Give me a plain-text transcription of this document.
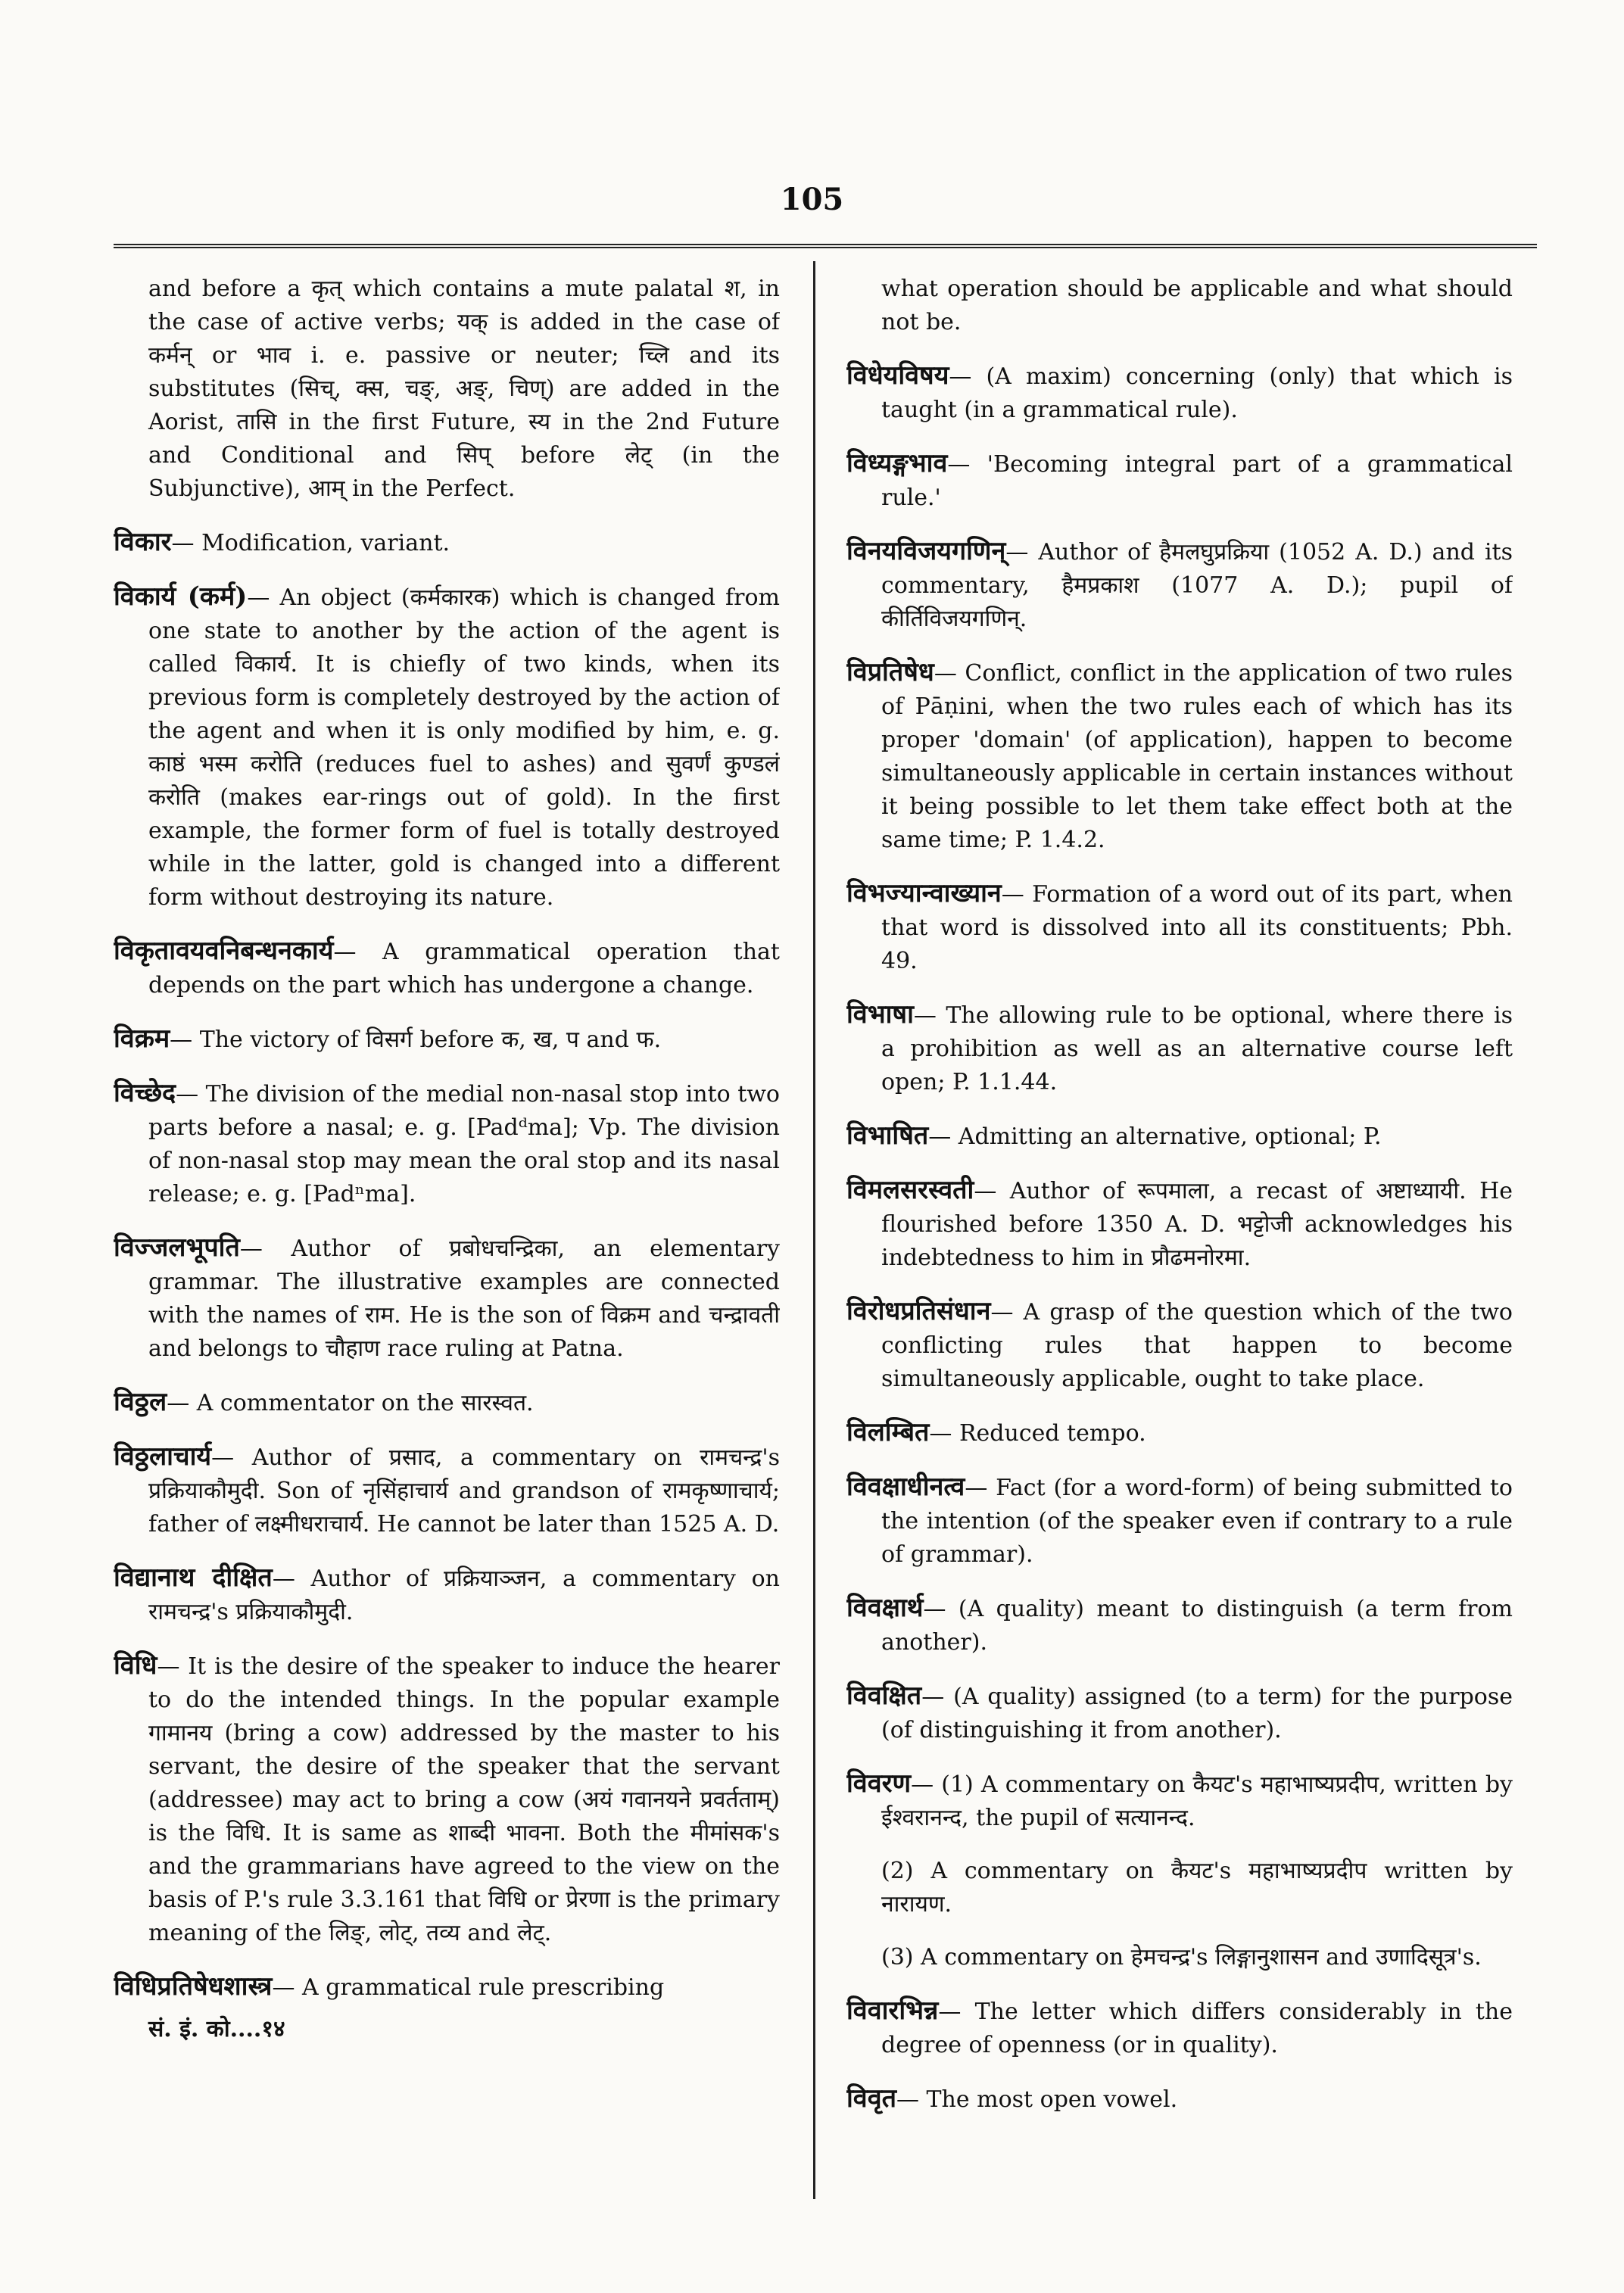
105

and before a कृत् which contains a mute palatal श, in the case of active verbs; यक् is added in the case of कर्मन् or भाव i. e. passive or neuter; च्लि and its substitutes (सिच्, क्स, चङ्, अङ्, चिण्) are added in the Aorist, तासि in the first Future, स्य in the 2nd Future and Conditional and सिप् before लेट् (in the Subjunctive), आम् in the Perfect.

विकार— Modification, variant.

विकार्य (कर्म)— An object (कर्मकारक) which is changed from one state to another by the action of the agent is called विकार्य. It is chiefly of two kinds, when its previous form is completely destroyed by the action of the agent and when it is only modified by him, e. g. काष्ठं भस्म करोति (reduces fuel to ashes) and सुवर्णं कुण्डलं करोति (makes ear-rings out of gold). In the first example, the former form of fuel is totally destroyed while in the latter, gold is changed into a different form without destroying its nature.

विकृतावयवनिबन्धनकार्य— A grammatical operation that depends on the part which has undergone a change.

विक्रम— The victory of विसर्ग before क, ख, प and फ.

विच्छेद— The division of the medial non-nasal stop into two parts before a nasal; e. g. [Padᵈma]; Vp. The division of non-nasal stop may mean the oral stop and its nasal release; e. g. [Padⁿma].

विज्जलभूपति— Author of प्रबोधचन्द्रिका, an elementary grammar. The illustrative examples are connected with the names of राम. He is the son of विक्रम and चन्द्रावती and belongs to चौहाण race ruling at Patna.

विठ्ठल— A commentator on the सारस्वत.

विठ्ठलाचार्य— Author of प्रसाद, a commentary on रामचन्द्र's प्रक्रियाकौमुदी. Son of नृसिंहाचार्य and grandson of रामकृष्णाचार्य; father of लक्ष्मीधराचार्य. He cannot be later than 1525 A. D.

विद्यानाथ दीक्षित— Author of प्रक्रियाञ्जन, a commentary on रामचन्द्र's प्रक्रियाकौमुदी.

विधि— It is the desire of the speaker to induce the hearer to do the intended things. In the popular example गामानय (bring a cow) addressed by the master to his servant, the desire of the speaker that the servant (addressee) may act to bring a cow (अयं गवानयने प्रवर्तताम्) is the विधि. It is same as शाब्दी भावना. Both the मीमांसक's and the grammarians have agreed to the view on the basis of P.'s rule 3.3.161 that विधि or प्रेरणा is the primary meaning of the लिङ्, लोट्, तव्य and लेट्.

विधिप्रतिषेधशास्त्र— A grammatical rule prescribing

सं. इं. को....१४

what operation should be applicable and what should not be.

विधेयविषय— (A maxim) concerning (only) that which is taught (in a grammatical rule).

विध्यङ्गभाव— 'Becoming integral part of a grammatical rule.'

विनयविजयगणिन्— Author of हैमलघुप्रक्रिया (1052 A. D.) and its commentary, हैमप्रकाश (1077 A. D.); pupil of कीर्तिविजयगणिन्.

विप्रतिषेध— Conflict, conflict in the application of two rules of Pāṇini, when the two rules each of which has its proper 'domain' (of application), happen to become simultaneously applicable in certain instances without it being possible to let them take effect both at the same time; P. 1.4.2.

विभज्यान्वाख्यान— Formation of a word out of its part, when that word is dissolved into all its constituents; Pbh. 49.

विभाषा— The allowing rule to be optional, where there is a prohibition as well as an alternative course left open; P. 1.1.44.

विभाषित— Admitting an alternative, optional; P.

विमलसरस्वती— Author of रूपमाला, a recast of अष्टाध्यायी. He flourished before 1350 A. D. भट्टोजी acknowledges his indebtedness to him in प्रौढमनोरमा.

विरोधप्रतिसंधान— A grasp of the question which of the two conflicting rules that happen to become simultaneously applicable, ought to take place.

विलम्बित— Reduced tempo.

विवक्षाधीनत्व— Fact (for a word-form) of being submitted to the intention (of the speaker even if contrary to a rule of grammar).

विवक्षार्थ— (A quality) meant to distinguish (a term from another).

विवक्षित— (A quality) assigned (to a term) for the purpose (of distinguishing it from another).

विवरण— (1) A commentary on कैयट's महाभाष्यप्रदीप, written by ईश्वरानन्द, the pupil of सत्यानन्द.

(2) A commentary on कैयट's महाभाष्यप्रदीप written by नारायण.

(3) A commentary on हेमचन्द्र's लिङ्गानुशासन and उणादिसूत्र's.

विवारभिन्न— The letter which differs considerably in the degree of openness (or in quality).

विवृत— The most open vowel.
